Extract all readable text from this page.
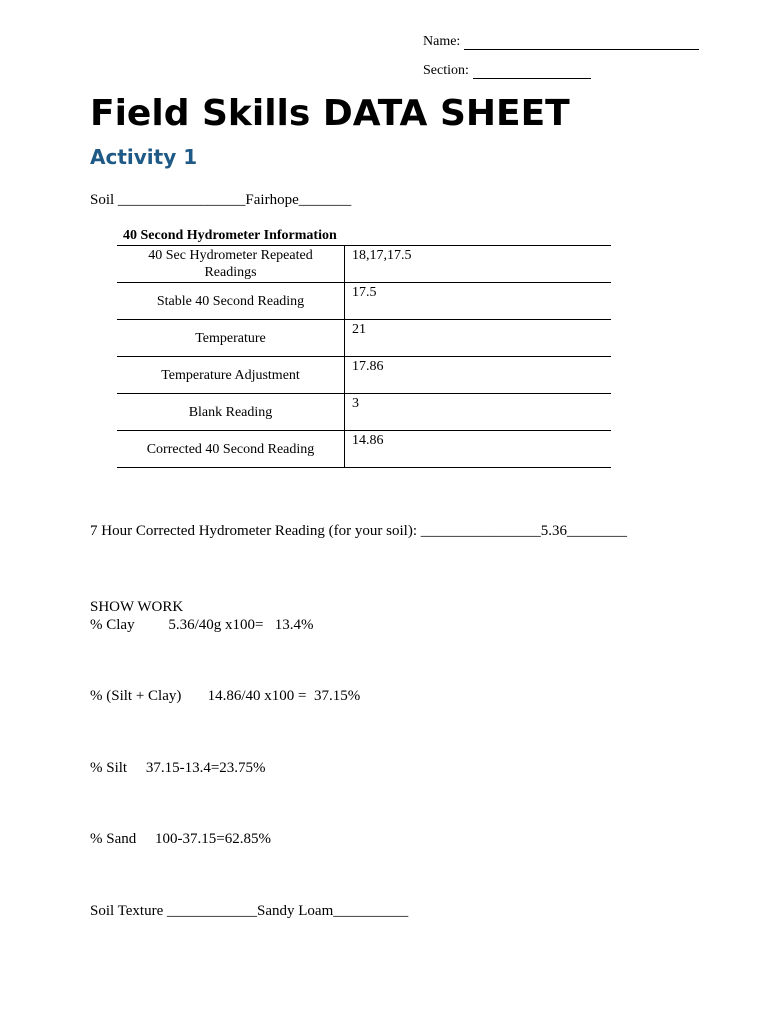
Name:
Section:
Field Skills DATA SHEET
Activity 1
Soil _________________Fairhope_______
40 Second Hydrometer Information
40 Sec Hydrometer Repeated Readings	18,17,17.5
Stable 40 Second Reading	17.5
Temperature	21
Temperature Adjustment	17.86
Blank Reading	3
Corrected 40 Second Reading	14.86
7 Hour Corrected Hydrometer Reading (for your soil): ________________5.36________
SHOW WORK
% Clay         5.36/40g x100=   13.4%
% (Silt + Clay)       14.86/40 x100 =  37.15%
% Silt     37.15-13.4=23.75%
% Sand     100-37.15=62.85%
Soil Texture ____________Sandy Loam__________
